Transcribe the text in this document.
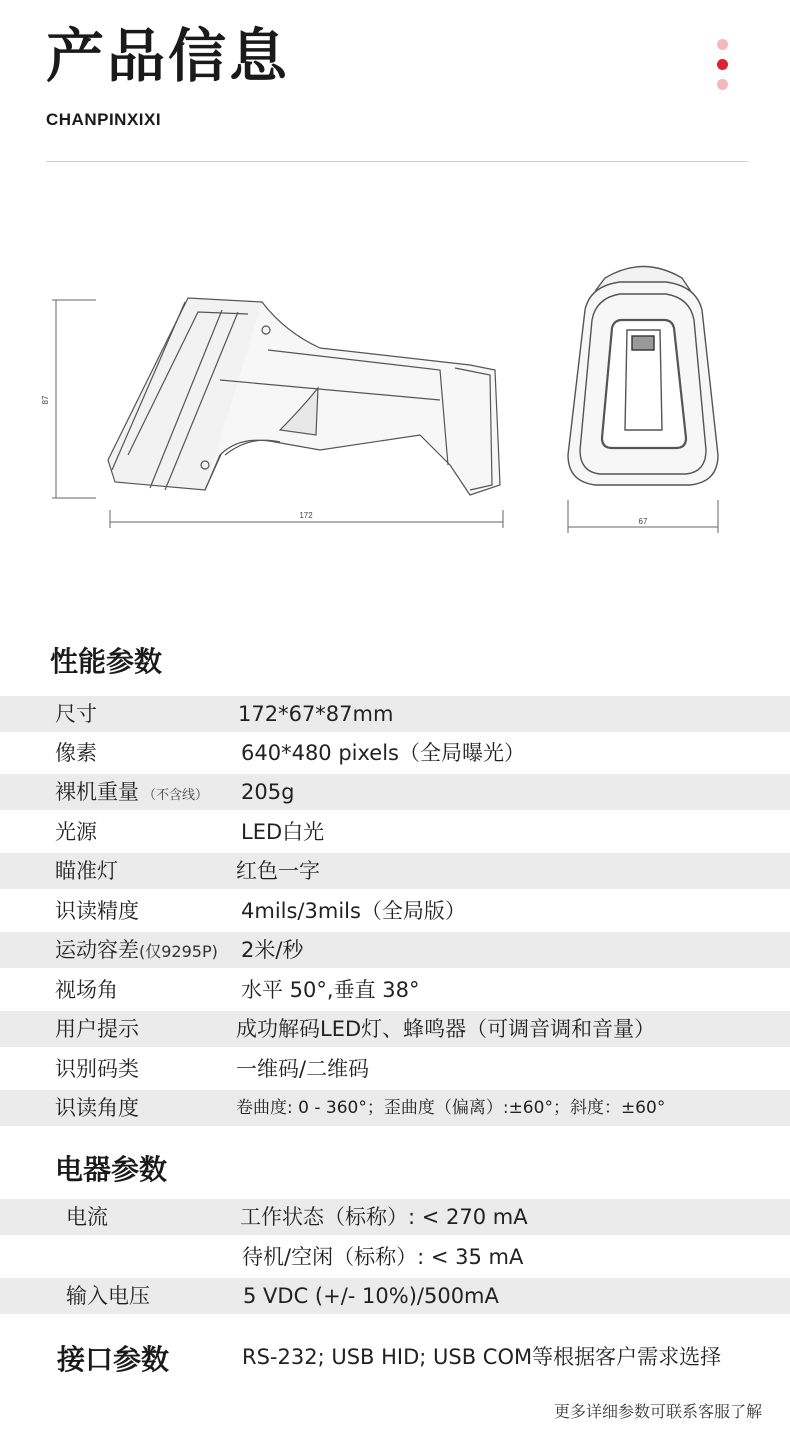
产品信息
CHANPINXIXI
87
172
67
性能参数
尺寸	172*67*87mm
像素	640*480 pixels（全局曝光）
裸机重量 （不含线） 205g
光源	LED白光
瞄准灯	红色一字
识读精度	4mils/3mils（全局版）
运动容差(仅9295P) 2米/秒
视场角	水平 50°,垂直 38°
用户提示	成功解码LED灯、蜂鸣器（可调音调和音量）
识别码类	一维码/二维码
识读角度	卷曲度: 0 - 360°；歪曲度（偏离）:±60°；斜度：±60°
电器参数
电流	工作状态（标称）: < 270 mA
待机/空闲（标称）: < 35 mA
输入电压	5 VDC (+/- 10%)/500mA
接口参数	RS-232; USB HID; USB COM等根据客户需求选择
更多详细参数可联系客服了解
